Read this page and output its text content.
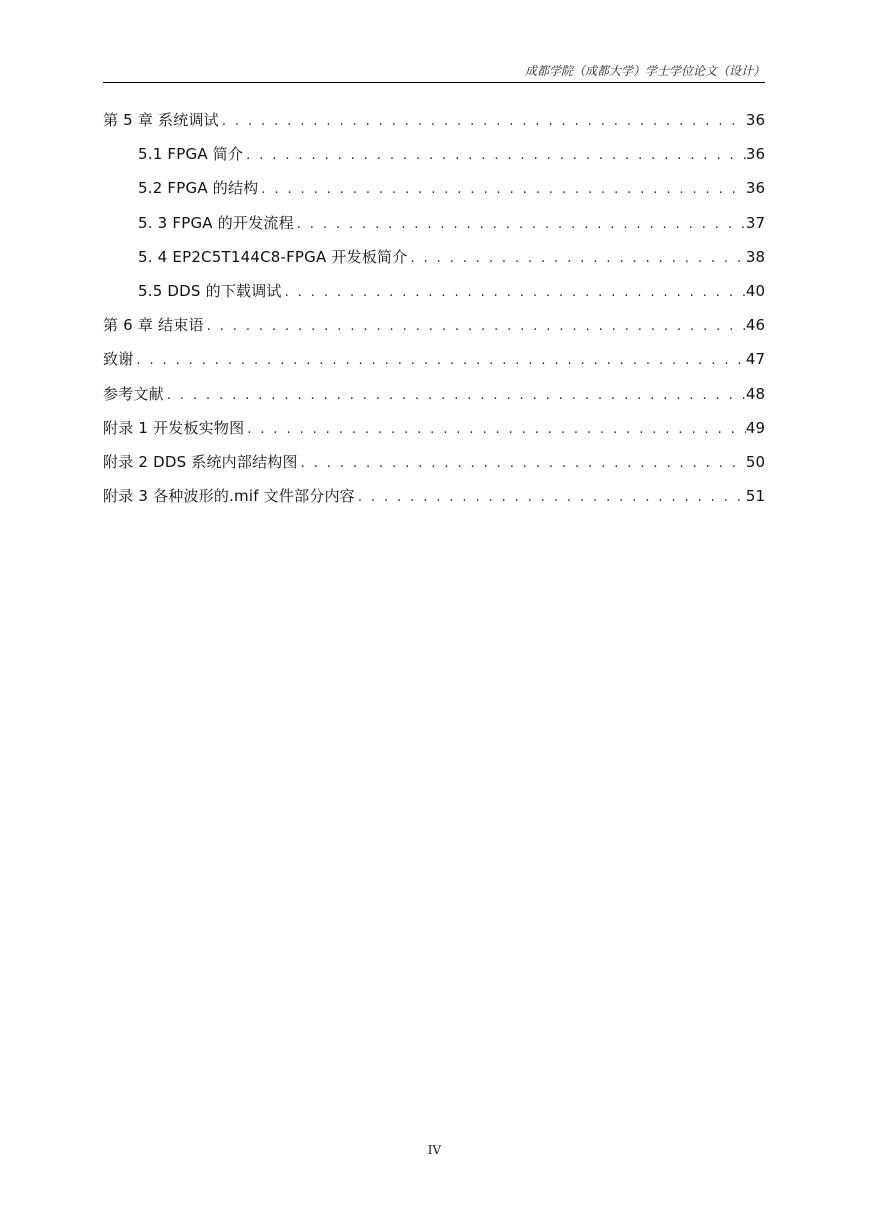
成都学院（成都大学）学士学位论文（设计）
第 5 章 系统调试 . . .	36
5.1 FPGA 简介 . . .	36
5.2 FPGA 的结构 . . .	36
5. 3 FPGA 的开发流程 . . .	37
5. 4 EP2C5T144C8-FPGA 开发板简介 . . .	38
5.5 DDS 的下载调试 . . .	40
第 6 章 结束语 . . .	46
致谢 . . .	47
参考文献 . . .	48
附录 1 开发板实物图 . . .	49
附录 2 DDS 系统内部结构图 . . .	50
附录 3 各种波形的.mif 文件部分内容 . . .	51
IV
